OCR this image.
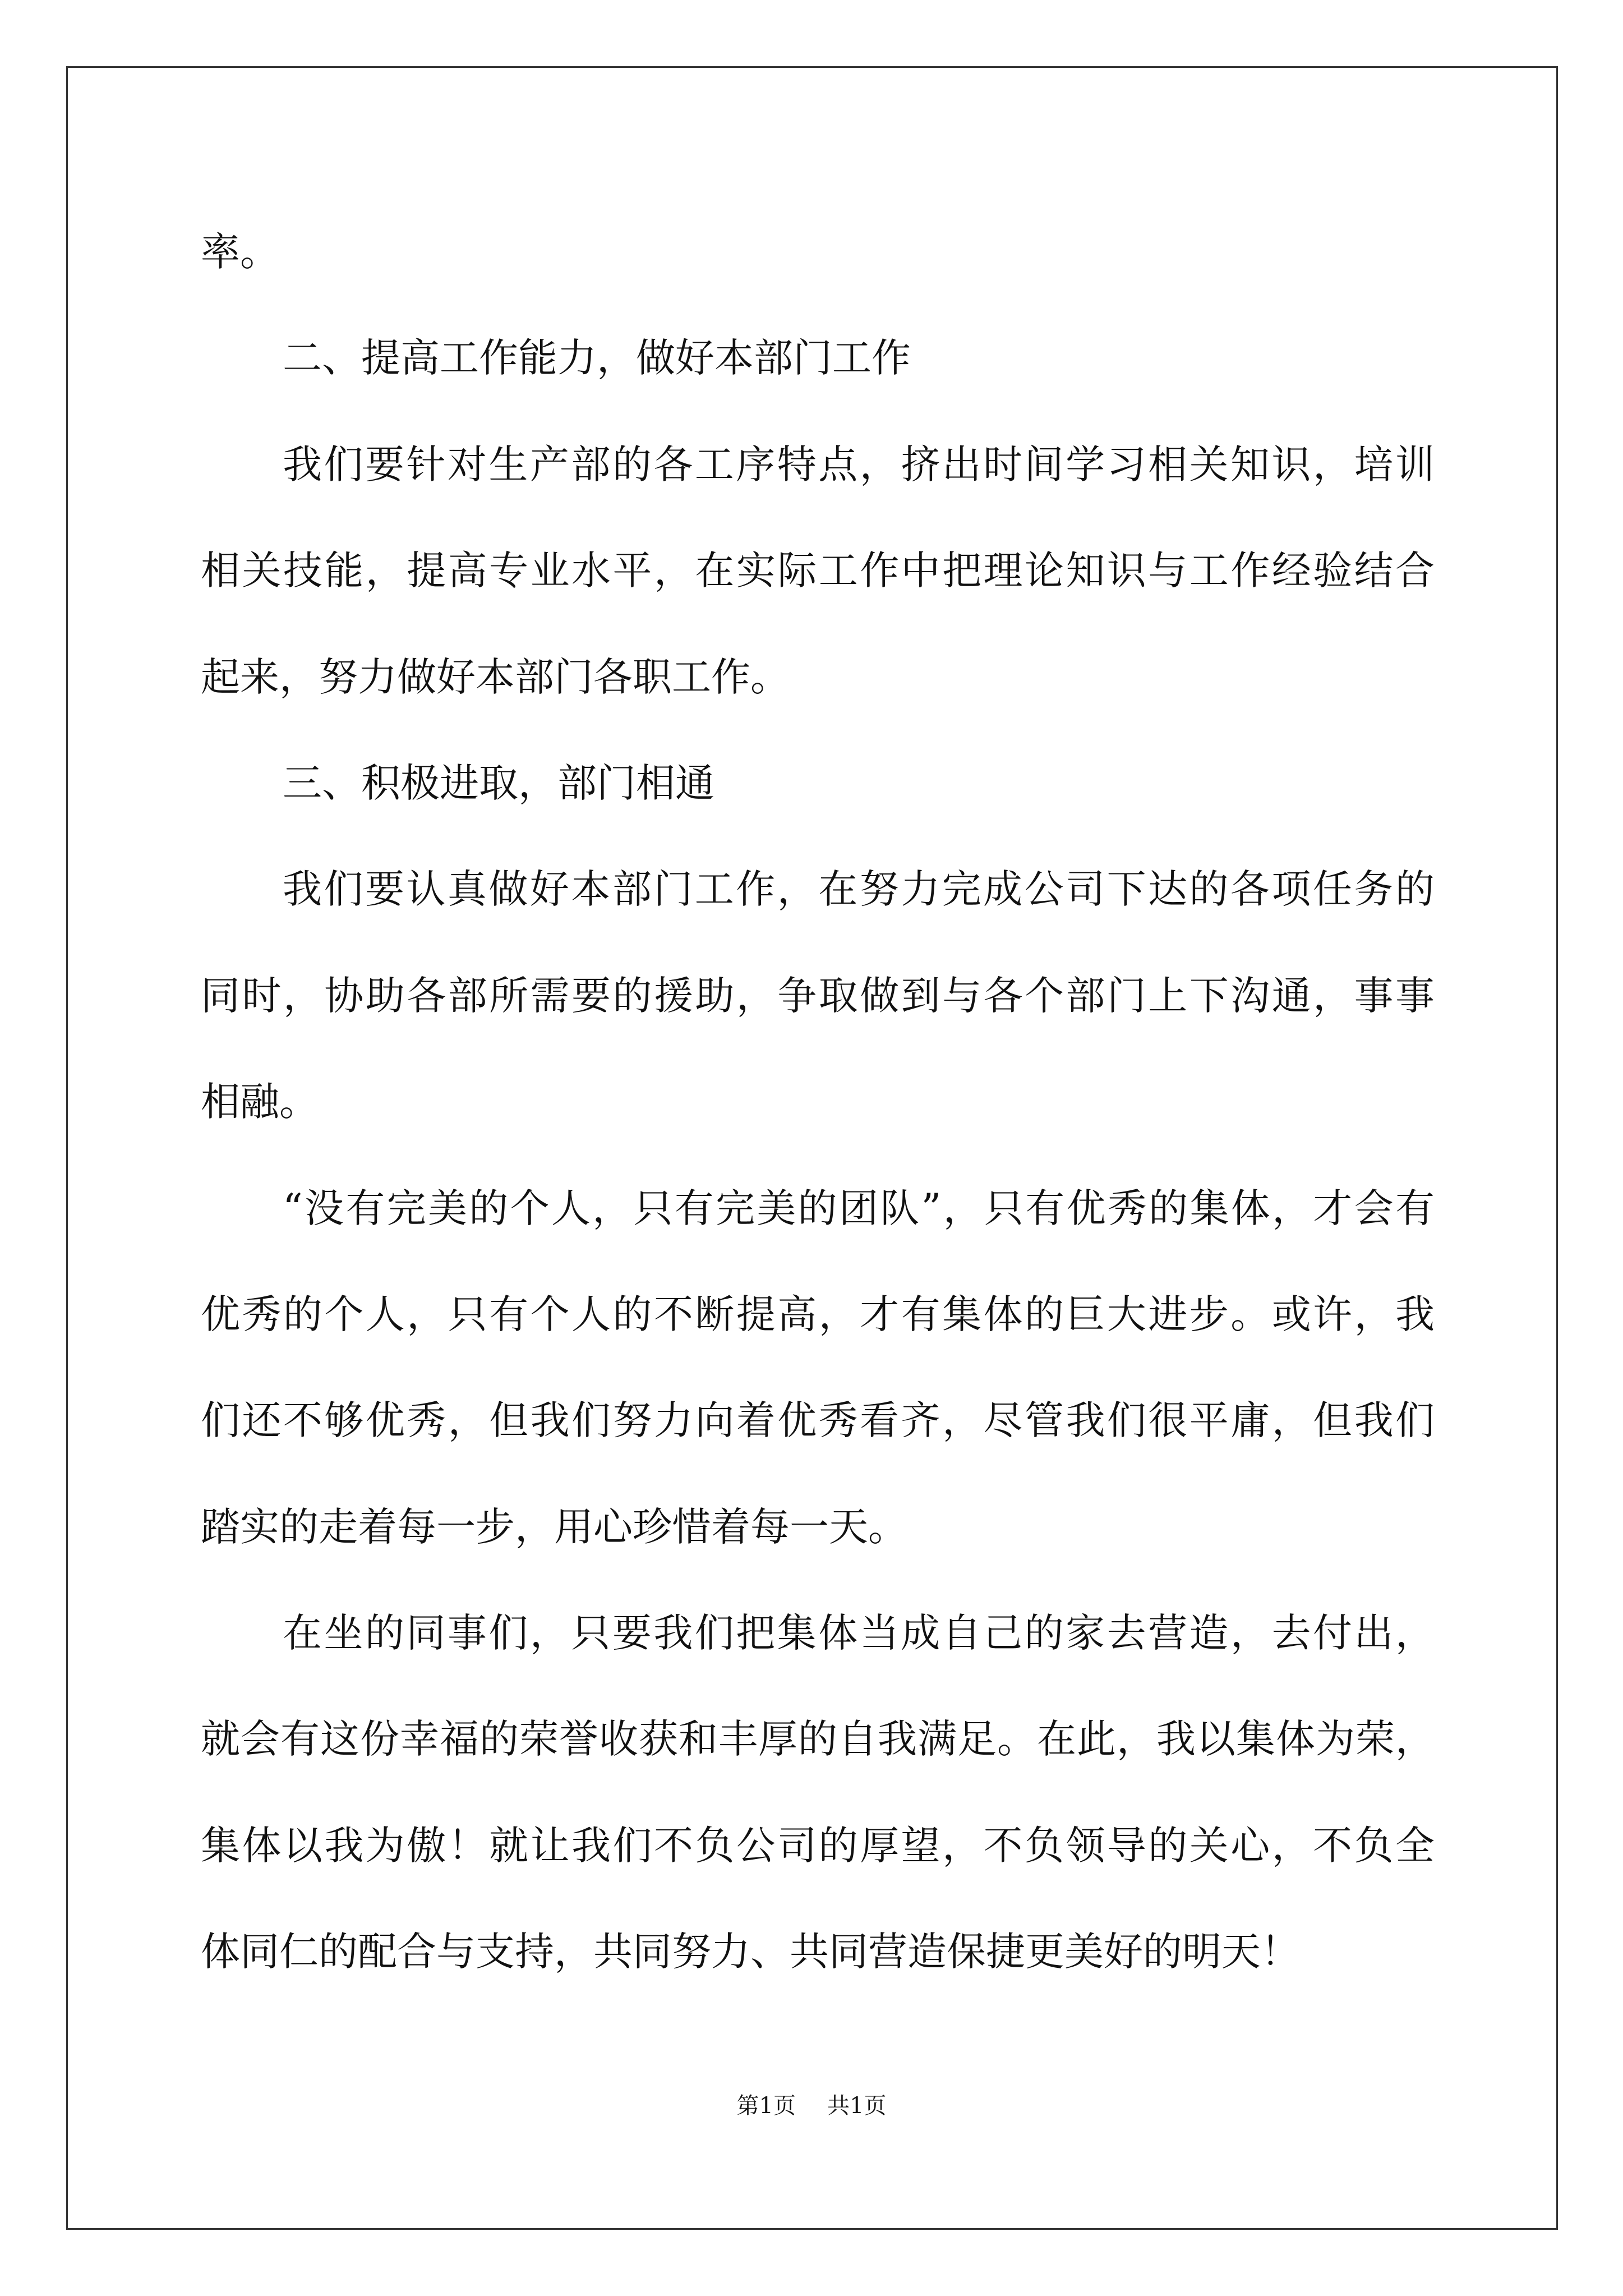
率。
二、提高工作能力，做好本部门工作
我们要针对生产部的各工序特点，挤出时间学习相关知识，培训
相关技能，提高专业水平，在实际工作中把理论知识与工作经验结合
起来，努力做好本部门各职工作。
三、积极进取，部门相通
我们要认真做好本部门工作，在努力完成公司下达的各项任务的
同时，协助各部所需要的援助，争取做到与各个部门上下沟通，事事
相融。
“没有完美的个人，只有完美的团队”，只有优秀的集体，才会有
优秀的个人，只有个人的不断提高，才有集体的巨大进步。或许，我
们还不够优秀，但我们努力向着优秀看齐，尽管我们很平庸，但我们
踏实的走着每一步，用心珍惜着每一天。
在坐的同事们，只要我们把集体当成自己的家去营造，去付出，
就会有这份幸福的荣誉收获和丰厚的自我满足。在此，我以集体为荣，
集体以我为傲！就让我们不负公司的厚望，不负领导的关心，不负全
体同仁的配合与支持，共同努力、共同营造保捷更美好的明天！
第1页 共1页
